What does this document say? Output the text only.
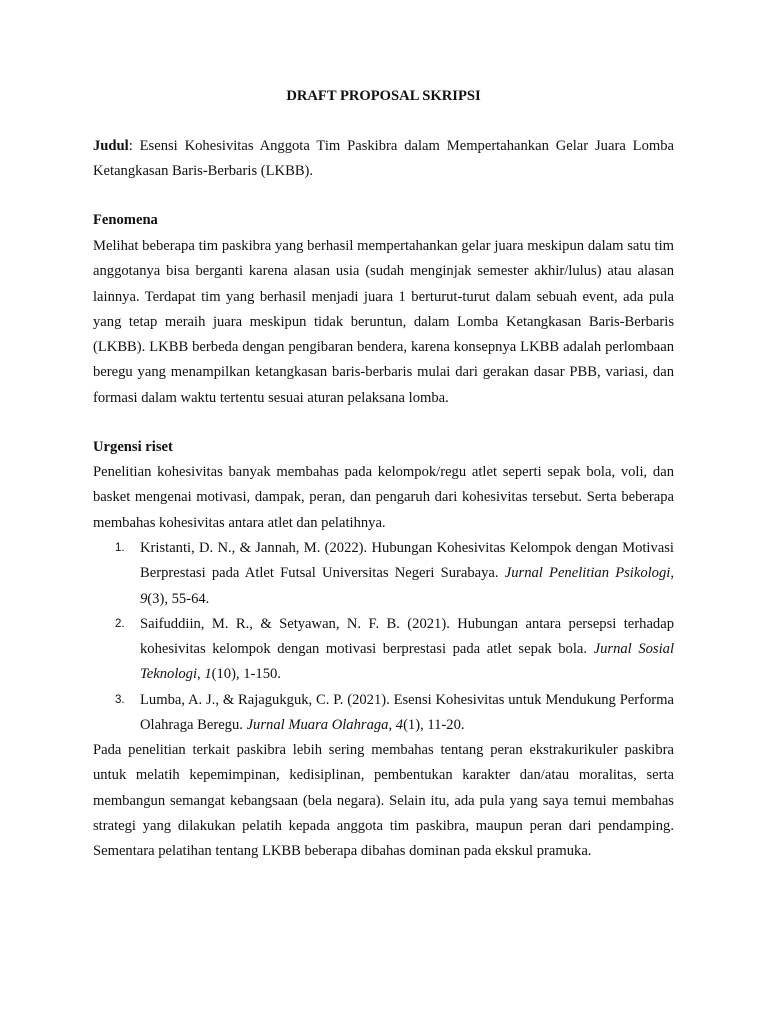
DRAFT PROPOSAL SKRIPSI
Judul: Esensi Kohesivitas Anggota Tim Paskibra dalam Mempertahankan Gelar Juara Lomba Ketangkasan Baris-Berbaris (LKBB).
Fenomena
Melihat beberapa tim paskibra yang berhasil mempertahankan gelar juara meskipun dalam satu tim anggotanya bisa berganti karena alasan usia (sudah menginjak semester akhir/lulus) atau alasan lainnya. Terdapat tim yang berhasil menjadi juara 1 berturut-turut dalam sebuah event, ada pula yang tetap meraih juara meskipun tidak beruntun, dalam Lomba Ketangkasan Baris-Berbaris (LKBB). LKBB berbeda dengan pengibaran bendera, karena konsepnya LKBB adalah perlombaan beregu yang menampilkan ketangkasan baris-berbaris mulai dari gerakan dasar PBB, variasi, dan formasi dalam waktu tertentu sesuai aturan pelaksana lomba.
Urgensi riset
Penelitian kohesivitas banyak membahas pada kelompok/regu atlet seperti sepak bola, voli, dan basket mengenai motivasi, dampak, peran, dan pengaruh dari kohesivitas tersebut. Serta beberapa membahas kohesivitas antara atlet dan pelatihnya.
1. Kristanti, D. N., & Jannah, M. (2022). Hubungan Kohesivitas Kelompok dengan Motivasi Berprestasi pada Atlet Futsal Universitas Negeri Surabaya. Jurnal Penelitian Psikologi, 9(3), 55-64.
2. Saifuddiin, M. R., & Setyawan, N. F. B. (2021). Hubungan antara persepsi terhadap kohesivitas kelompok dengan motivasi berprestasi pada atlet sepak bola. Jurnal Sosial Teknologi, 1(10), 1-150.
3. Lumba, A. J., & Rajagukguk, C. P. (2021). Esensi Kohesivitas untuk Mendukung Performa Olahraga Beregu. Jurnal Muara Olahraga, 4(1), 11-20.
Pada penelitian terkait paskibra lebih sering membahas tentang peran ekstrakurikuler paskibra untuk melatih kepemimpinan, kedisiplinan, pembentukan karakter dan/atau moralitas, serta membangun semangat kebangsaan (bela negara). Selain itu, ada pula yang saya temui membahas strategi yang dilakukan pelatih kepada anggota tim paskibra, maupun peran dari pendamping. Sementara pelatihan tentang LKBB beberapa dibahas dominan pada ekskul pramuka.
